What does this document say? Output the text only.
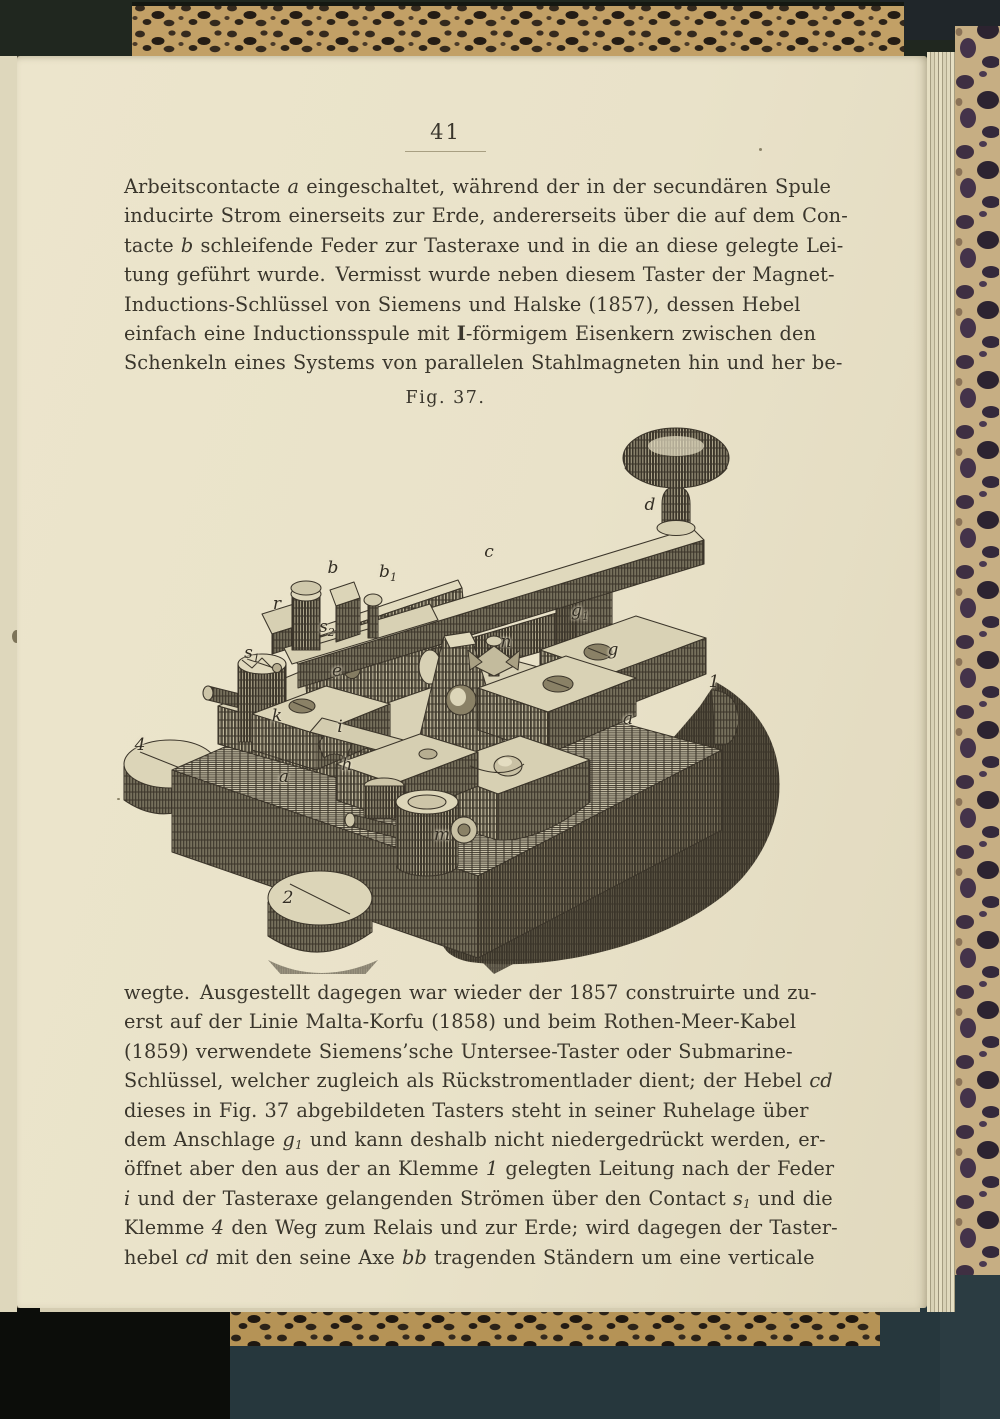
41
Arbeitscontacte a eingeschaltet, während der in der secundären Spule
inducirte Strom einerseits zur Erde, andererseits über die auf dem Con-
tacte b schleifende Feder zur Tasteraxe und in die an diese gelegte Lei-
tung geführt wurde. Vermisst wurde neben diesem Taster der Magnet-
Inductions-Schlüssel von Siemens und Halske (1857), dessen Hebel
einfach eine Inductionsspule mit I-förmigem Eisenkern zwischen den
Schenkeln eines Systems von parallelen Stahlmagneten hin und her be-
Fig. 37.
d
c
b $b_1$
r
$s_1$
$s_2$
e
k
i
h
a
4
2
m
n
$g_1$
g
a
1
wegte. Ausgestellt dagegen war wieder der 1857 construirte und zu-
erst auf der Linie Malta-Korfu (1858) und beim Rothen-Meer-Kabel
(1859) verwendete Siemens’sche Untersee-Taster oder Submarine-
Schlüssel, welcher zugleich als Rückstromentlader dient; der Hebel cd
dieses in Fig. 37 abgebildeten Tasters steht in seiner Ruhelage über
dem Anschlage g1 und kann deshalb nicht niedergedrückt werden, er-
öffnet aber den aus der an Klemme 1 gelegten Leitung nach der Feder
i und der Tasteraxe gelangenden Strömen über den Contact s1 und die
Klemme 4 den Weg zum Relais und zur Erde; wird dagegen der Taster-
hebel cd mit den seine Axe bb tragenden Ständern um eine verticale
